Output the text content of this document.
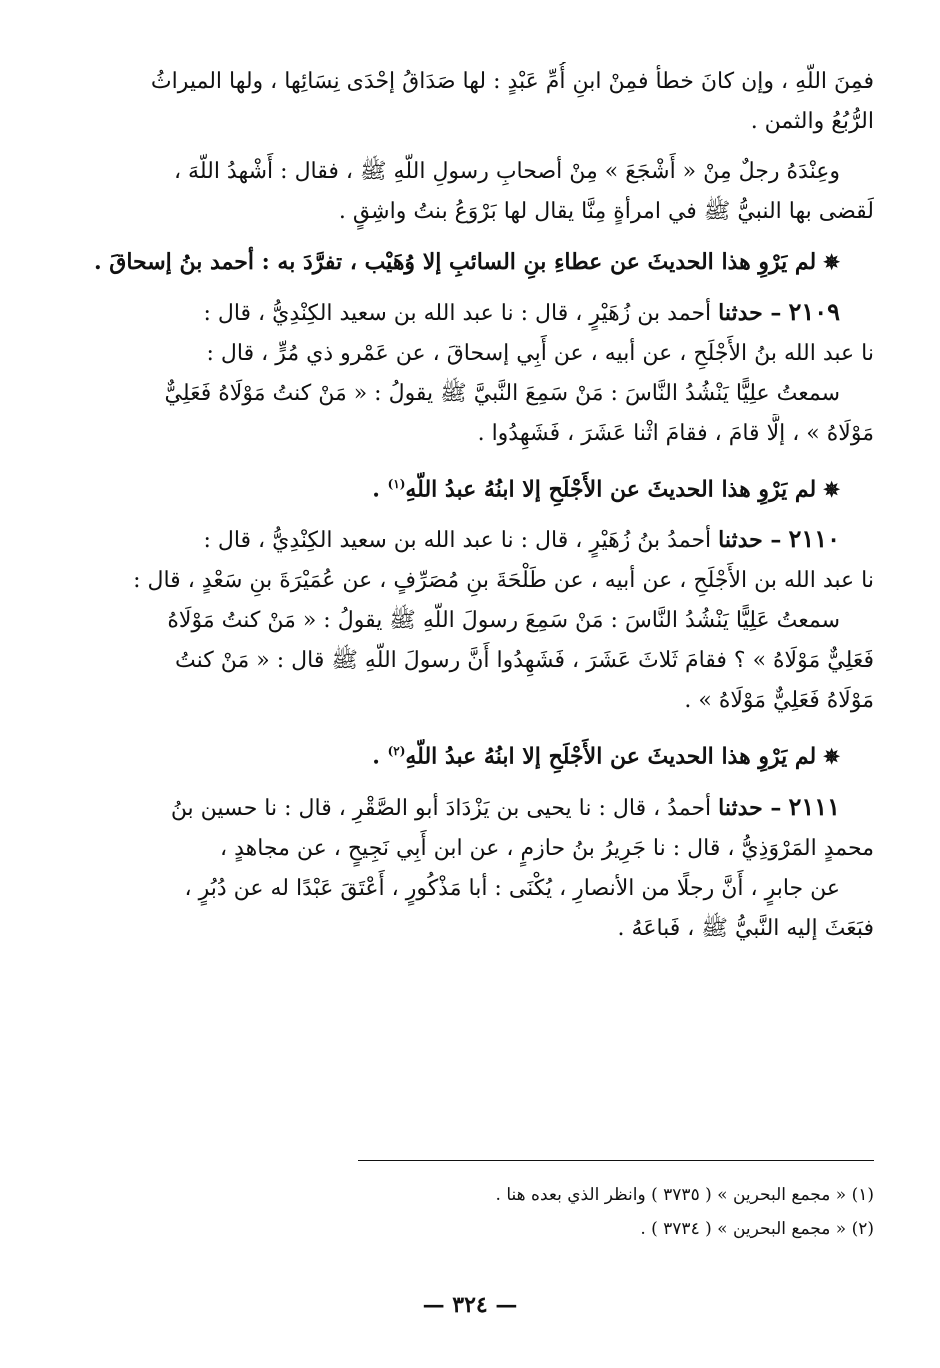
فمِنَ اللّهِ ، وإن كانَ خطأ فمِنْ ابنِ أُمِّ عَبْدٍ : لها صَدَاقُ إحْدَى نِسَائِها ، ولها الميراثُ
الرُّبُعُ والثمن .
وعِنْدَهُ رجلٌ مِنْ « أَشْجَعَ » مِنْ أصحابِ رسولِ اللّهِ ﷺ ، فقال : أَشْهدُ اللّهَ ،
لَقضى بها النبيُّ ﷺ في امرأةٍ مِنَّا يقال لها بَرْوَعُ بنتُ واشِقٍ .
✵ لم يَرْوِ هذا الحديثَ عن عطاءِ بنِ السائبِ إلا وُهَيْب ، تفرَّدَ به : أحمد بنُ إسحاقَ .
٢١٠٩ – حدثنا أحمد بن زُهَيْرٍ ، قال : نا عبد الله بن سعيد الكِنْدِيُّ ، قال :
نا عبد الله بنُ الأَجْلَحِ ، عن أبيه ، عن أَبِي إسحاقَ ، عن عَمْرو ذي مُرٍّ ، قال :
سمعتُ علِيًّا يَنْشُدُ النَّاسَ : مَنْ سَمِعَ النَّبيَّ ﷺ يقولُ : « مَنْ كنتُ مَوْلَاهُ فَعَلِيٌّ
مَوْلَاهُ » ، إلَّا قامَ ، فقامَ اثْنا عَشَرَ ، فَشَهِدُوا .
✵ لم يَرْوِ هذا الحديثَ عن الأَجْلَحِ إلا ابنُهُ عبدُ اللّهِ$^{(١)}$ .
٢١١٠ – حدثنا أحمدُ بنُ زُهَيْرٍ ، قال : نا عبد الله بن سعيد الكِنْدِيُّ ، قال :
نا عبد الله بن الأَجْلَحِ ، عن أبيه ، عن طَلْحَةَ بنِ مُصَرِّفٍ ، عن عُمَيْرَةَ بنِ سَعْدٍ ، قال :
سمعتُ عَلِيًّا يَنْشُدُ النَّاسَ : مَنْ سَمِعَ رسولَ اللّهِ ﷺ يقولُ : « مَنْ كنتُ مَوْلَاهُ
فَعَلِيٌّ مَوْلَاهُ » ؟ فقامَ ثَلاثَ عَشَرَ ، فَشَهِدُوا أَنَّ رسولَ اللّهِ ﷺ قال : « مَنْ كنتُ
مَوْلَاهُ فَعَلِيٌّ مَوْلَاهُ » .
✵ لم يَرْوِ هذا الحديثَ عن الأَجْلَحِ إلا ابنُهُ عبدُ اللّهِ$^{(٢)}$ .
٢١١١ – حدثنا أحمدُ ، قال : نا يحيى بن يَزْدَادَ أبو الصَّقْرِ ، قال : نا حسين بنُ
محمدٍ المَرْوَذِيُّ ، قال : نا جَرِيرُ بنُ حازمٍ ، عن ابن أَبِي نَجِيحٍ ، عن مجاهدٍ ،
عن جابرٍ ، أَنَّ رجلًا من الأنصارِ ، يُكْنَى : أبا مَذْكُورٍ ، أَعْتَقَ عَبْدًا له عن دُبُرٍ ،
فبَعَثَ إليه النَّبيُّ ﷺ ، فَباعَهُ .
(١) « مجمع البحرين » ( ٣٧٣٥ ) وانظر الذي بعده هنا .
(٢) « مجمع البحرين » ( ٣٧٣٤ ) .
— ٣٢٤ —
